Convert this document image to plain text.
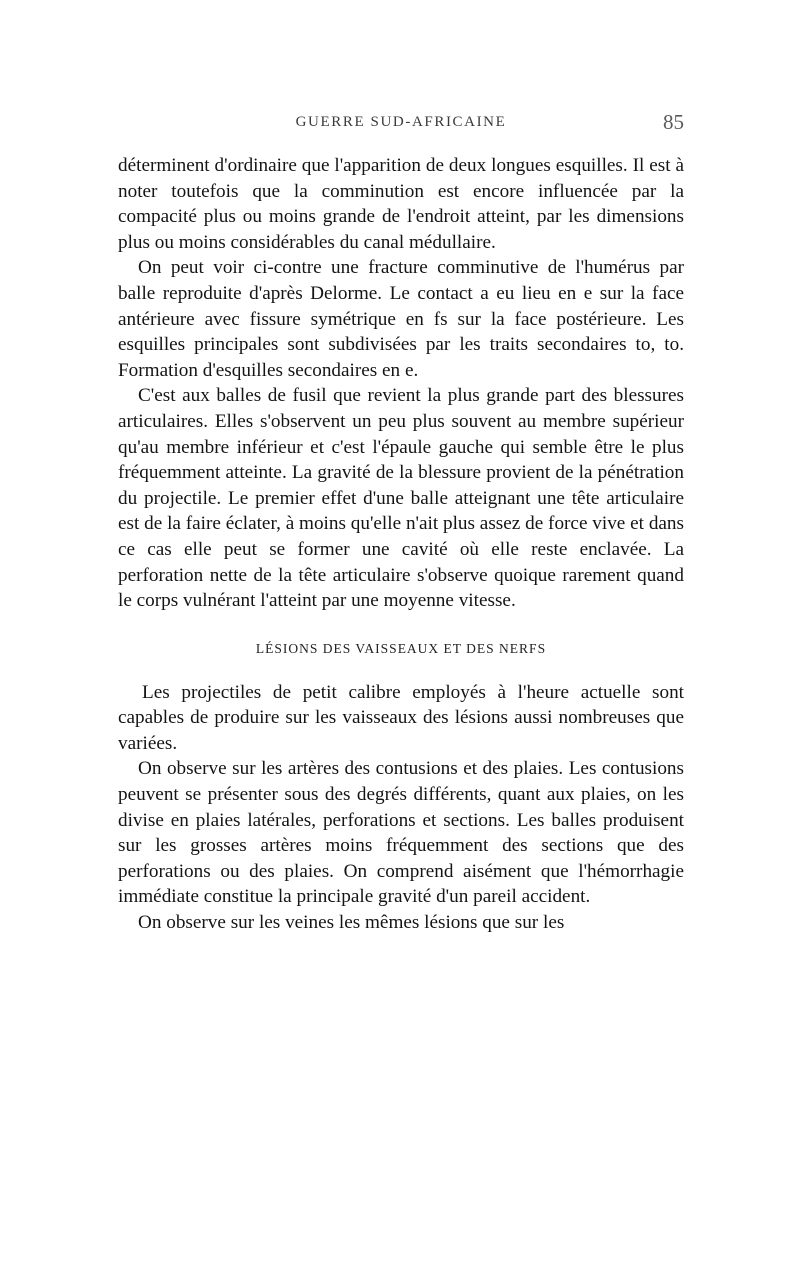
GUERRE SUD-AFRICAINE	85

déterminent d'ordinaire que l'apparition de deux longues esquilles. Il est à noter toutefois que la comminution est encore influencée par la compacité plus ou moins grande de l'endroit atteint, par les dimensions plus ou moins considérables du canal médullaire.

On peut voir ci-contre une fracture comminutive de l'humérus par balle reproduite d'après Delorme. Le contact a eu lieu en e sur la face antérieure avec fissure symétrique en fs sur la face postérieure. Les esquilles principales sont subdivisées par les traits secondaires to, to. Formation d'esquilles secondaires en e.

C'est aux balles de fusil que revient la plus grande part des blessures articulaires. Elles s'observent un peu plus souvent au membre supérieur qu'au membre inférieur et c'est l'épaule gauche qui semble être le plus fréquemment atteinte. La gravité de la blessure provient de la pénétration du projectile. Le premier effet d'une balle atteignant une tête articulaire est de la faire éclater, à moins qu'elle n'ait plus assez de force vive et dans ce cas elle peut se former une cavité où elle reste enclavée. La perforation nette de la tête articulaire s'observe quoique rarement quand le corps vulnérant l'atteint par une moyenne vitesse.

LÉSIONS DES VAISSEAUX ET DES NERFS

Les projectiles de petit calibre employés à l'heure actuelle sont capables de produire sur les vaisseaux des lésions aussi nombreuses que variées.

On observe sur les artères des contusions et des plaies. Les contusions peuvent se présenter sous des degrés différents, quant aux plaies, on les divise en plaies latérales, perforations et sections. Les balles produisent sur les grosses artères moins fréquemment des sections que des perforations ou des plaies. On comprend aisément que l'hémorrhagie immédiate constitue la principale gravité d'un pareil accident.

On observe sur les veines les mêmes lésions que sur les
